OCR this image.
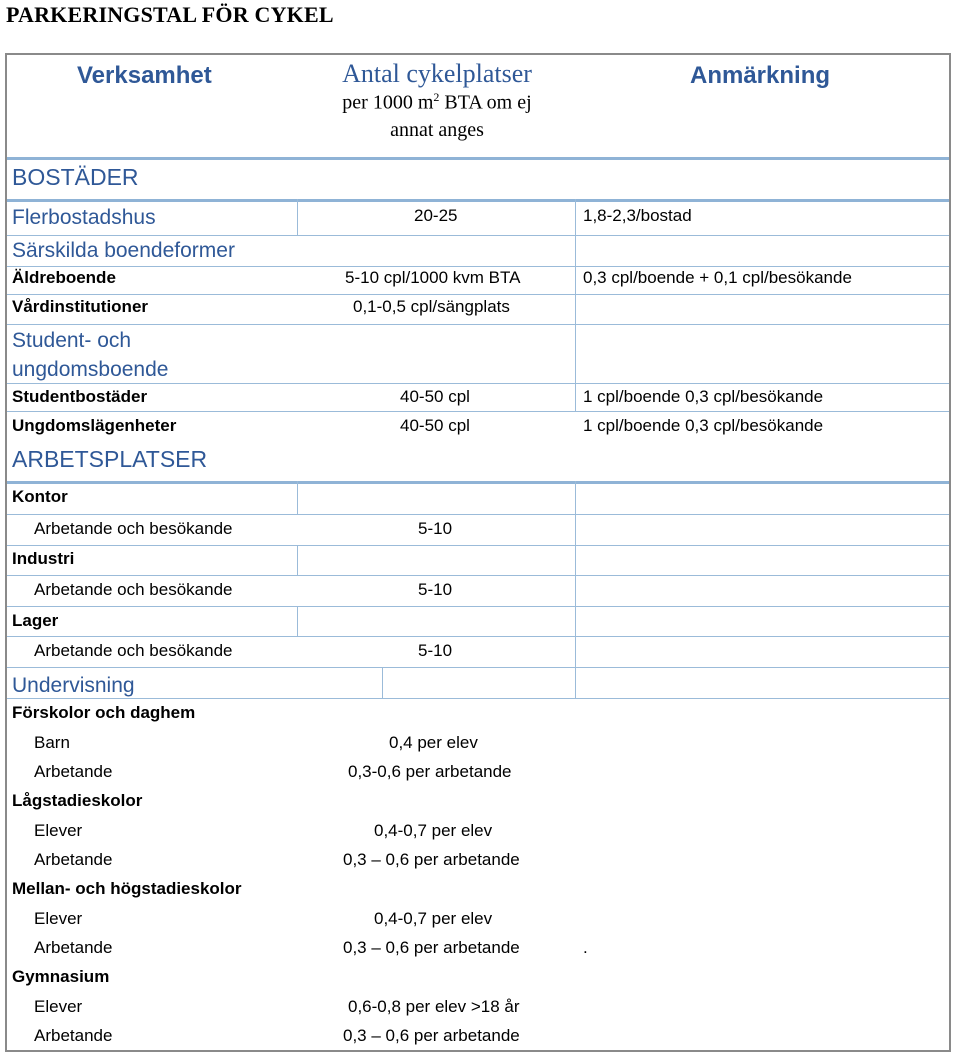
PARKERINGSTAL FÖR CYKEL
Verksamhet	Antal cykelplatser
per 1000 $m^2$ BTA om ej
annat anges
Anmärkning
BOSTÄDER
Flerbostadshus	20-25	1,8-2,3/bostad
Särskilda boendeformer
Äldreboende	5-10 cpl/1000 kvm BTA	0,3 cpl/boende + 0,1 cpl/besökande
Vårdinstitutioner	0,1-0,5 cpl/sängplats
Student- och
ungdomsboende
Studentbostäder	40-50 cpl	1 cpl/boende 0,3 cpl/besökande
Ungdomslägenheter	40-50 cpl	1 cpl/boende 0,3 cpl/besökande
ARBETSPLATSER
Kontor
Arbetande och besökande	5-10
Industri
Arbetande och besökande	5-10
Lager
Arbetande och besökande	5-10
Undervisning
Förskolor och daghem
Barn	0,4 per elev
Arbetande	0,3-0,6 per arbetande
Lågstadieskolor
Elever	0,4-0,7 per elev
Arbetande	0,3 – 0,6 per arbetande
Mellan- och högstadieskolor
Elever	0,4-0,7 per elev
Arbetande	0,3 – 0,6 per arbetande	.
Gymnasium
Elever	0,6-0,8 per elev >18 år
Arbetande	0,3 – 0,6 per arbetande
